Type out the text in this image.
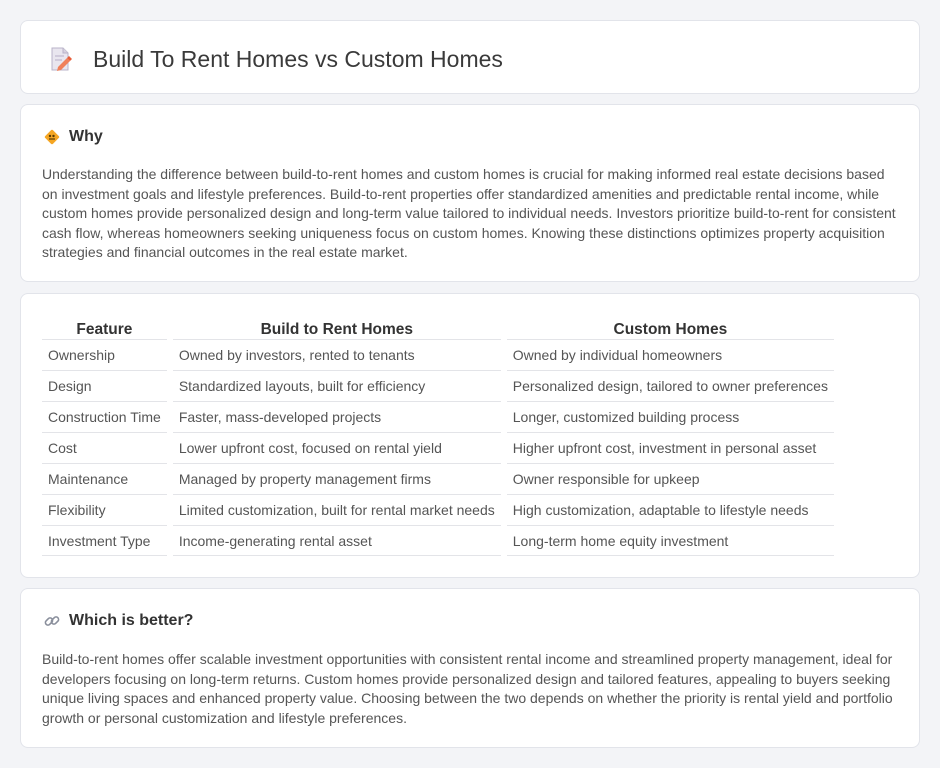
Build To Rent Homes vs Custom Homes
Why

Understanding the difference between build-to-rent homes and custom homes is crucial for making informed real estate decisions based on investment goals and lifestyle preferences. Build-to-rent properties offer standardized amenities and predictable rental income, while custom homes provide personalized design and long-term value tailored to individual needs. Investors prioritize build-to-rent for consistent cash flow, whereas homeowners seeking uniqueness focus on custom homes. Knowing these distinctions optimizes property acquisition strategies and financial outcomes in the real estate market.

Feature	Build to Rent Homes	Custom Homes
Ownership	Owned by investors, rented to tenants	Owned by individual homeowners
Design	Standardized layouts, built for efficiency	Personalized design, tailored to owner preferences
Construction Time	Faster, mass-developed projects	Longer, customized building process
Cost	Lower upfront cost, focused on rental yield	Higher upfront cost, investment in personal asset
Maintenance	Managed by property management firms	Owner responsible for upkeep
Flexibility	Limited customization, built for rental market needs	High customization, adaptable to lifestyle needs
Investment Type	Income-generating rental asset	Long-term home equity investment
Which is better?

Build-to-rent homes offer scalable investment opportunities with consistent rental income and streamlined property management, ideal for developers focusing on long-term returns. Custom homes provide personalized design and tailored features, appealing to buyers seeking unique living spaces and enhanced property value. Choosing between the two depends on whether the priority is rental yield and portfolio growth or personal customization and lifestyle preferences.
